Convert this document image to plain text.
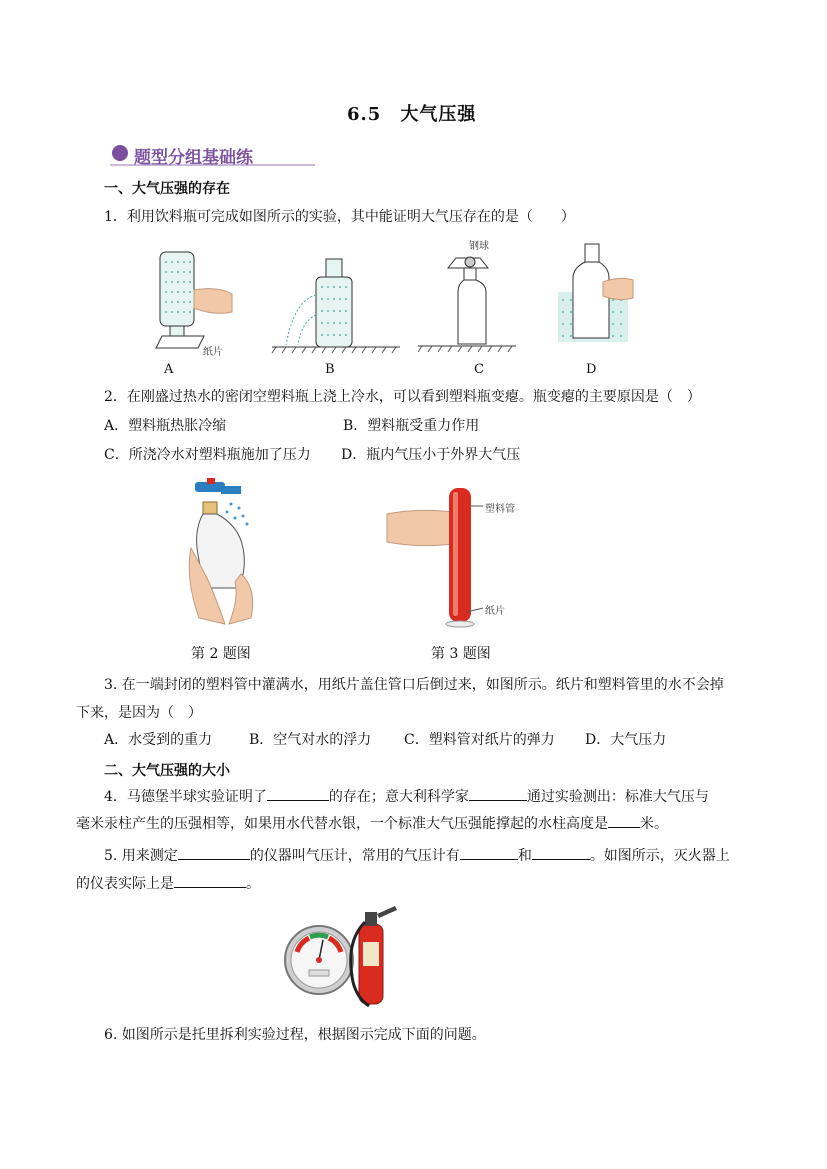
6.5　大气压强
题型分组基础练
一、大气压强的存在
1．利用饮料瓶可完成如图所示的实验，其中能证明大气压存在的是（　　）
纸片
钢球
A	B	C	D
2．在刚盛过热水的密闭空塑料瓶上浇上冷水，可以看到塑料瓶变瘪。瓶变瘪的主要原因是（　）
A．塑料瓶热胀冷缩	B．塑料瓶受重力作用
C．所浇冷水对塑料瓶施加了压力 D．瓶内气压小于外界大气压
第 2 题图
塑料管
纸片
第 3 题图
3. 在一端封闭的塑料管中灌满水，用纸片盖住管口后倒过来，如图所示。纸片和塑料管里的水不会掉
下来，是因为（　）
A．水受到的重力	B．空气对水的浮力 C．塑料管对纸片的弹力 D．大气压力
二、大气压强的大小
4．马德堡半球实验证明了	的存在；意大利科学家	通过实验测出：标准大气压与
毫米汞柱产生的压强相等，如果用水代替水银，一个标准大气压强能撑起的水柱高度是 米。
5. 用来测定	的仪器叫气压计，常用的气压计有	和	。如图所示，灭火器上
的仪表实际上是	。
6. 如图所示是托里拆利实验过程，根据图示完成下面的问题。
